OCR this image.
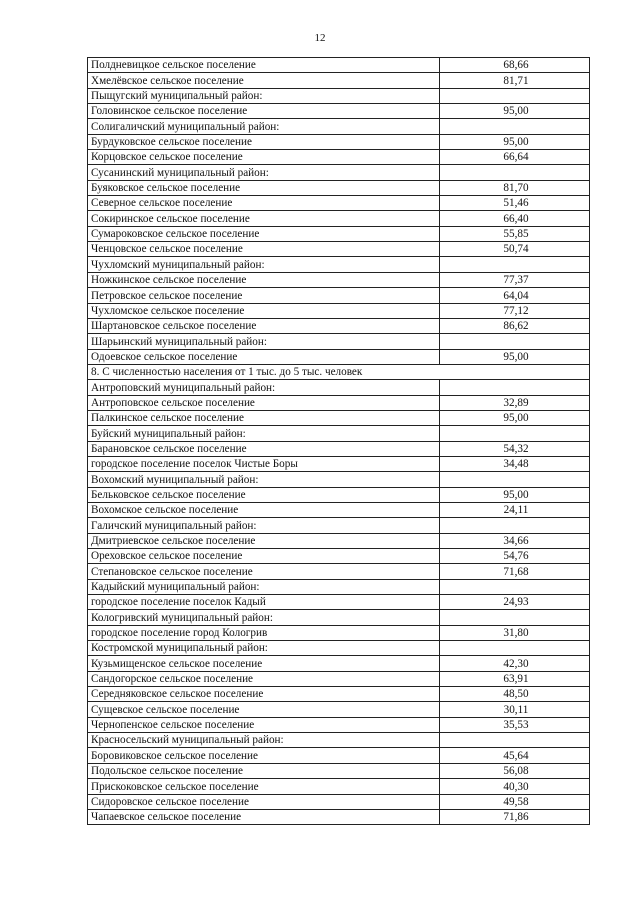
12
Полдневицкое сельское поселение	68,66
Хмелёвское сельское поселение	81,71
Пыщугский муниципальный район:	
Головинское сельское поселение	95,00
Солигаличский муниципальный район:	
Бурдуковское сельское поселение	95,00
Корцовское сельское поселение	66,64
Сусанинский муниципальный район:	
Буяковское сельское поселение	81,70
Северное сельское поселение	51,46
Сокиринское сельское поселение	66,40
Сумароковское сельское поселение	55,85
Ченцовское сельское поселение	50,74
Чухломский муниципальный район:	
Ножкинское сельское поселение	77,37
Петровское сельское поселение	64,04
Чухломское сельское поселение	77,12
Шартановское сельское поселение	86,62
Шарьинский муниципальный район:	
Одоевское сельское поселение	95,00
8. С численностью населения от 1 тыс. до 5 тыс. человек	
Антроповский муниципальный район:	
Антроповское сельское поселение	32,89
Палкинское сельское поселение	95,00
Буйский муниципальный район:	
Барановское сельское поселение	54,32
городское поселение поселок Чистые Боры	34,48
Вохомский муниципальный район:	
Бельковское сельское поселение	95,00
Вохомское сельское поселение	24,11
Галичский муниципальный район:	
Дмитриевское сельское поселение	34,66
Ореховское сельское поселение	54,76
Степановское сельское поселение	71,68
Кадыйский муниципальный район:	
городское поселение поселок Кадый	24,93
Кологривский муниципальный район:	
городское поселение город Кологрив	31,80
Костромской муниципальный район:	
Кузьмищенское сельское поселение	42,30
Сандогорское сельское поселение	63,91
Середняковское сельское поселение	48,50
Сущевское сельское поселение	30,11
Чернопенское сельское поселение	35,53
Красносельский муниципальный район:	
Боровиковское сельское поселение	45,64
Подольское сельское поселение	56,08
Прискоковское сельское поселение	40,30
Сидоровское сельское поселение	49,58
Чапаевское сельское поселение	71,86
